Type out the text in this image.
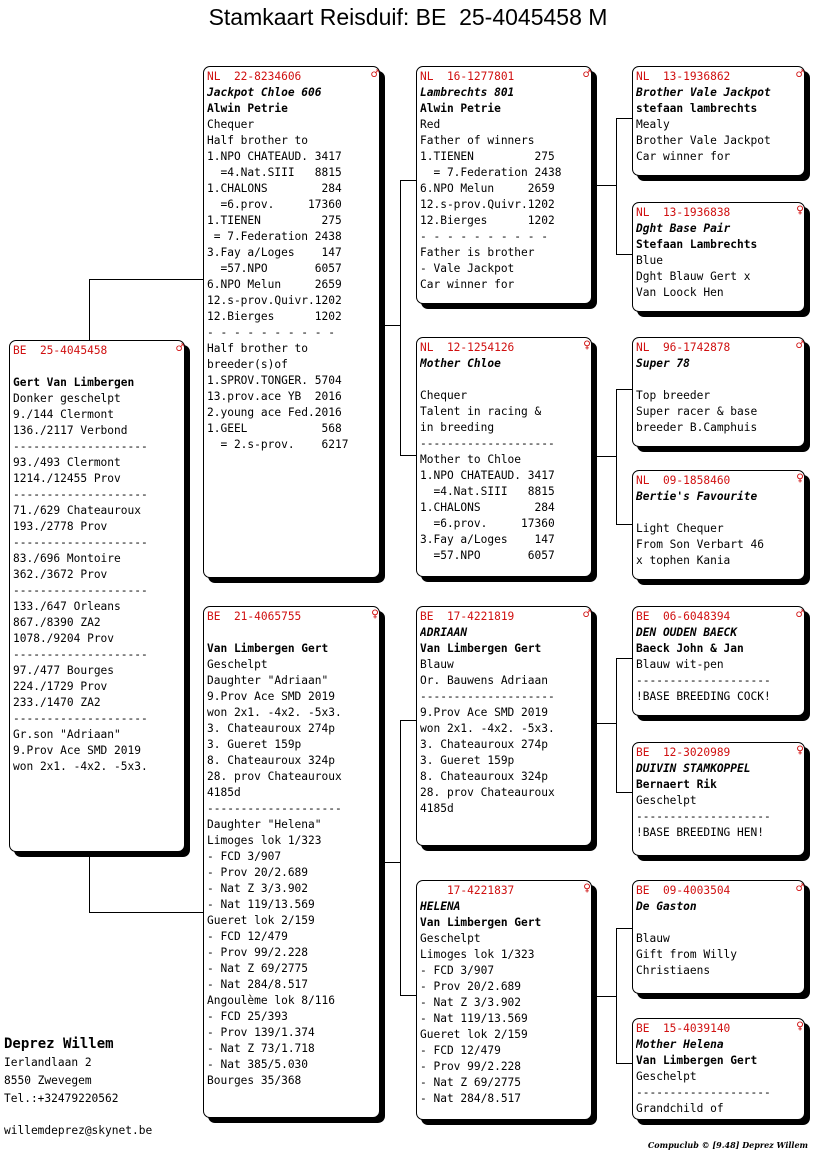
Stamkaart Reisduif: BE  25-4045458 M
BE  25-4045458	♂
Gert Van Limbergen
Donker geschelpt
9./144 Clermont
136./2117 Verbond
--------------------
93./493 Clermont
1214./12455 Prov
--------------------
71./629 Chateauroux
193./2778 Prov
--------------------
83./696 Montoire
362./3672 Prov
--------------------
133./647 Orleans
867./8390 ZA2
1078./9204 Prov
--------------------
97./477 Bourges
224./1729 Prov
233./1470 ZA2
--------------------
Gr.son "Adriaan"
9.Prov Ace SMD 2019
won 2x1. -4x2. -5x3.
NL  22-8234606	♂
Jackpot Chloe 606
Alwin Petrie
Chequer
Half brother to
1.NPO CHATEAUD. 3417
=4.Nat.SIII   8815
1.CHALONS        284
=6.prov.     17360
1.TIENEN         275
= 7.Federation 2438
3.Fay a/Loges    147
=57.NPO       6057
6.NPO Melun     2659
12.s-prov.Quivr.1202
12.Bierges      1202
- - - - - - - - - -
Half brother to
breeder(s)of
1.SPROV.TONGER. 5704
13.prov.ace YB  2016
2.young ace Fed.2016
1.GEEL           568
= 2.s-prov.    6217
BE  21-4065755	♀
Van Limbergen Gert
Geschelpt
Daughter "Adriaan"
9.Prov Ace SMD 2019
won 2x1. -4x2. -5x3.
3. Chateauroux 274p
3. Gueret 159p
8. Chateauroux 324p
28. prov Chateauroux
4185d
--------------------
Daughter "Helena"
Limoges lok 1/323
- FCD 3/907
- Prov 20/2.689
- Nat Z 3/3.902
- Nat 119/13.569
Gueret lok 2/159
- FCD 12/479
- Prov 99/2.228
- Nat Z 69/2775
- Nat 284/8.517
Angoulème lok 8/116
- FCD 25/393
- Prov 139/1.374
- Nat Z 73/1.718
- Nat 385/5.030
Bourges 35/368
NL  16-1277801	♂
Lambrechts 801
Alwin Petrie
Red
Father of winners
1.TIENEN         275
= 7.Federation 2438
6.NPO Melun     2659
12.s-prov.Quivr.1202
12.Bierges      1202
- - - - - - - - - -
Father is brother
- Vale Jackpot
Car winner for
NL  12-1254126	♀
Mother Chloe
Chequer
Talent in racing &
in breeding
--------------------
Mother to Chloe
1.NPO CHATEAUD. 3417
=4.Nat.SIII   8815
1.CHALONS        284
=6.prov.     17360
3.Fay a/Loges    147
=57.NPO       6057
BE  17-4221819	♂
ADRIAAN
Van Limbergen Gert
Blauw
Or. Bauwens Adriaan
--------------------
9.Prov Ace SMD 2019
won 2x1. -4x2. -5x3.
3. Chateauroux 274p
3. Gueret 159p
8. Chateauroux 324p
28. prov Chateauroux
4185d
17-4221837	♀
HELENA
Van Limbergen Gert
Geschelpt
Limoges lok 1/323
- FCD 3/907
- Prov 20/2.689
- Nat Z 3/3.902
- Nat 119/13.569
Gueret lok 2/159
- FCD 12/479
- Prov 99/2.228
- Nat Z 69/2775
- Nat 284/8.517
NL  13-1936862	♂
Brother Vale Jackpot
stefaan lambrechts
Mealy
Brother Vale Jackpot
Car winner for
NL  13-1936838	♀
Dght Base Pair
Stefaan Lambrechts
Blue
Dght Blauw Gert x
Van Loock Hen
NL  96-1742878	♂
Super 78
Top breeder
Super racer & base
breeder B.Camphuis
NL  09-1858460	♀
Bertie's Favourite
Light Chequer
From Son Verbart 46
x tophen Kania
BE  06-6048394	♂
DEN OUDEN BAECK
Baeck John & Jan
Blauw wit-pen
--------------------
!BASE BREEDING COCK!
BE  12-3020989	♀
DUIVIN STAMKOPPEL
Bernaert Rik
Geschelpt
--------------------
!BASE BREEDING HEN!
BE  09-4003504	♂
De Gaston
Blauw
Gift from Willy
Christiaens
BE  15-4039140	♀
Mother Helena
Van Limbergen Gert
Geschelpt
--------------------
Grandchild of
Deprez Willem
Ierlandlaan 2
8550 Zwevegem
Tel.:+32479220562
willemdeprez@skynet.be
Compuclub © [9.48] Deprez Willem
